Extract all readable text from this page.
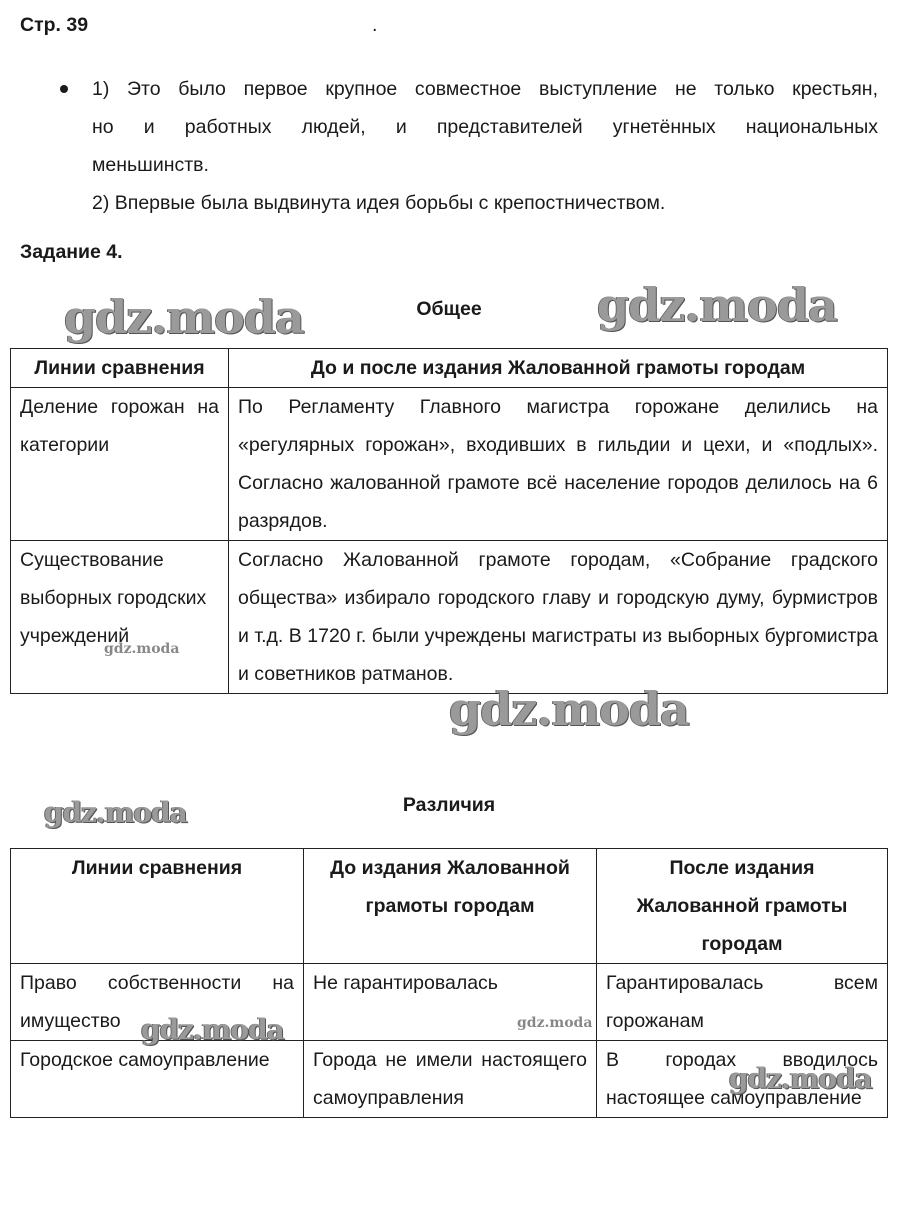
Стр. 39	.
1) Это было первое крупное совместное выступление не только крестьян,
но и работных людей, и представителей угнетённых национальных
меньшинств.
2) Впервые была выдвинута идея борьбы с крепостничеством.
Задание 4.
Общее
Линии сравнения	До и после издания Жалованной грамоты городам
Деление горожан на категории	По Регламенту Главного магистра горожане делились на «регулярных горожан», входивших в гильдии и цехи, и «подлых». Согласно жалованной грамоте всё население городов делилось на 6 разрядов.
Существование выборных городских учреждений	Согласно Жалованной грамоте городам, «Собрание градского общества» избирало городского главу и городскую думу, бурмистров и т.д. В 1720 г. были учреждены магистраты из выборных бургомистра и советников ратманов.
Различия
Линии сравнения	До издания Жалованной грамоты городам	После издания Жалованной грамоты городам
Право собственности на имущество	Не гарантировалась	Гарантировалась всем горожанам
Городское самоуправление	Города не имели настоящего самоуправления	В городах вводилось настоящее самоуправление
gdz.moda	gdz.moda
gdz.moda
gdz.moda
gdz.moda
gdz.moda	gdz.moda
gdz.moda
